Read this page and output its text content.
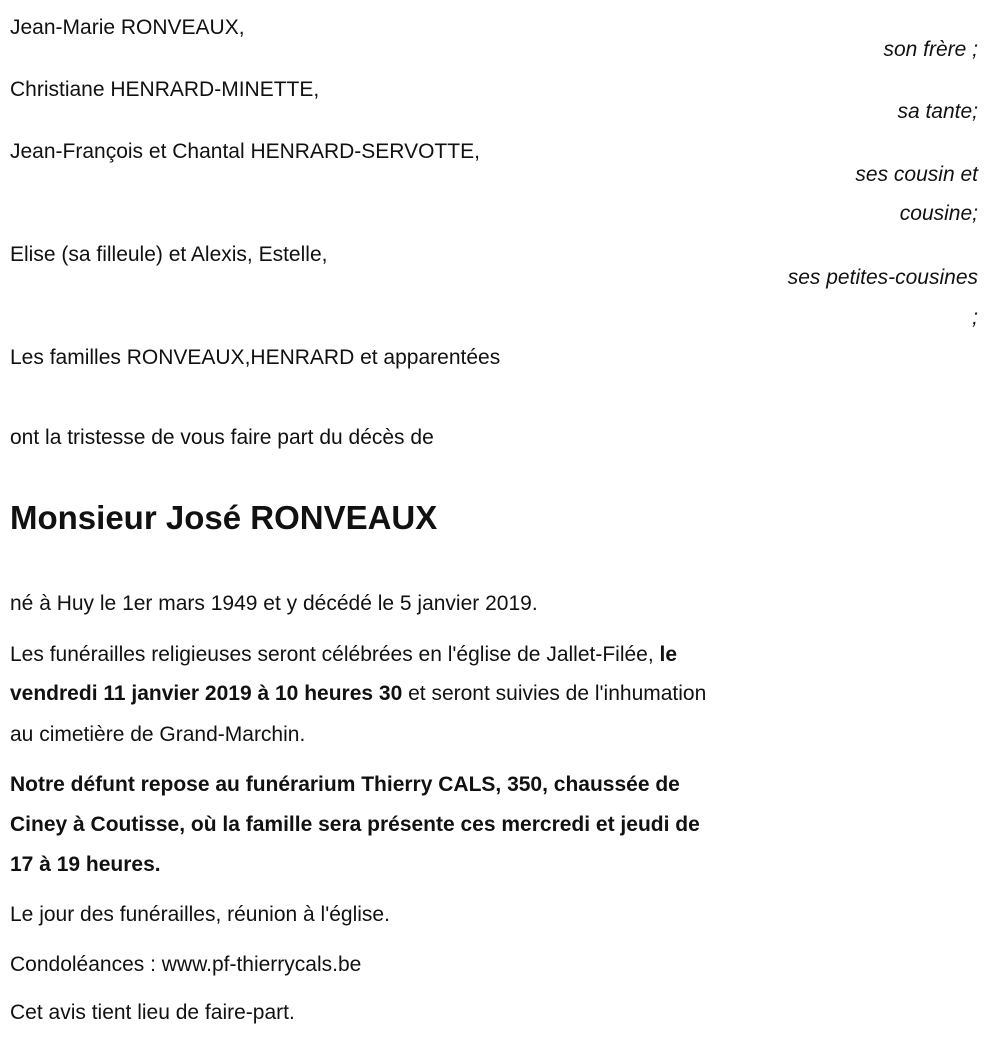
Jean-Marie RONVEAUX,
son frère ;
Christiane HENRARD-MINETTE,
sa tante;
Jean-François et Chantal HENRARD-SERVOTTE,
ses cousin et
cousine;
Elise (sa filleule) et Alexis, Estelle,
ses petites-cousines
;
Les familles RONVEAUX,HENRARD et apparentées
ont la tristesse de vous faire part du décès de
Monsieur José RONVEAUX
né à Huy le 1er mars 1949 et y décédé le 5 janvier 2019.
Les funérailles religieuses seront célébrées en l'église de Jallet-Filée, le
vendredi 11 janvier 2019 à 10 heures 30 et seront suivies de l'inhumation
au cimetière de Grand-Marchin.
Notre défunt repose au funérarium Thierry CALS, 350, chaussée de
Ciney à Coutisse, où la famille sera présente ces mercredi et jeudi de
17 à 19 heures.
Le jour des funérailles, réunion à l'église.
Condoléances : www.pf-thierrycals.be
Cet avis tient lieu de faire-part.
